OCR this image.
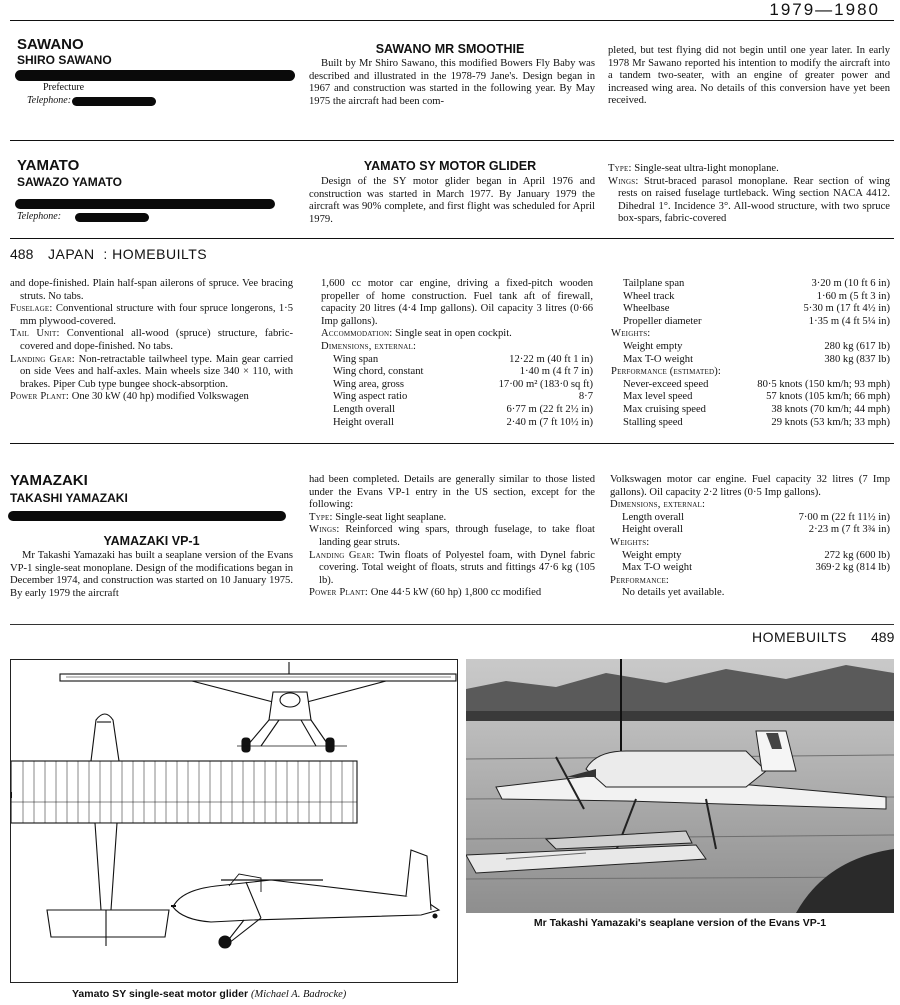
1979—1980
SAWANO
SHIRO SAWANO
Prefecture
Telephone:
SAWANO MR SMOOTHIE
Built by Mr Shiro Sawano, this modified Bowers Fly Baby was described and illustrated in the 1978-79 Jane's. Design began in 1967 and construction was started in the following year. By May 1975 the aircraft had been com-
pleted, but test flying did not begin until one year later. In early 1978 Mr Sawano reported his intention to modify the aircraft into a tandem two-seater, with an engine of greater power and increased wing area. No details of this conversion have yet been received.
YAMATO
SAWAZO YAMATO
Telephone:
YAMATO SY MOTOR GLIDER
Design of the SY motor glider began in April 1976 and construction was started in March 1977. By January 1979 the aircraft was 90% complete, and first flight was scheduled for April 1979.

Type: Single-seat ultra-light monoplane.

Wings: Strut-braced parasol monoplane. Rear section of wing rests on raised fuselage turtleback. Wing section NACA 4412. Dihedral 1°. Incidence 3°. All-wood structure, with two spruce box-spars, fabric-covered

488 JAPAN  : HOMEBUILTS

and dope-finished. Plain half-span ailerons of spruce. Vee bracing struts. No tabs.

Fuselage: Conventional structure with four spruce longerons, 1·5 mm plywood-covered.

Tail Unit: Conventional all-wood (spruce) structure, fabric-covered and dope-finished. No tabs.

Landing Gear: Non-retractable tailwheel type. Main gear carried on side Vees and half-axles. Main wheels size 340 × 110, with brakes. Piper Cub type bungee shock-absorption.

Power Plant: One 30 kW (40 hp) modified Volkswagen

1,600 cc motor car engine, driving a fixed-pitch wooden propeller of home construction. Fuel tank aft of firewall, capacity 20 litres (4·4 Imp gallons). Oil capacity 3 litres (0·66 Imp gallons).

Accommodation: Single seat in open cockpit.

Dimensions, external:

Wing span	12·22 m (40 ft 1 in)
Wing chord, constant	1·40 m (4 ft 7 in)
Wing area, gross	17·00 m² (183·0 sq ft)
Wing aspect ratio	8·7
Length overall	6·77 m (22 ft 2½ in)
Height overall	2·40 m (7 ft 10½ in)
Tailplane span	3·20 m (10 ft 6 in)
Wheel track	1·60 m (5 ft 3 in)
Wheelbase	5·30 m (17 ft 4½ in)
Propeller diameter	1·35 m (4 ft 5¼ in)

Weights:

Weight empty	280 kg (617 lb)
Max T-O weight	380 kg (837 lb)

Performance (estimated):

Never-exceed speed	80·5 knots (150 km/h; 93 mph)
Max level speed	57 knots (105 km/h; 66 mph)
Max cruising speed	38 knots (70 km/h; 44 mph)
Stalling speed	29 knots (53 km/h; 33 mph)
YAMAZAKI
TAKASHI YAMAZAKI
YAMAZAKI VP-1
Mr Takashi Yamazaki has built a seaplane version of the Evans VP-1 single-seat monoplane. Design of the modifications began in December 1974, and construction was started on 10 January 1975. By early 1979 the aircraft

had been completed. Details are generally similar to those listed under the Evans VP-1 entry in the US section, except for the following:

Type: Single-seat light seaplane.

Wings: Reinforced wing spars, through fuselage, to take float landing gear struts.

Landing Gear: Twin floats of Polyestel foam, with Dynel fabric covering. Total weight of floats, struts and fittings 47·6 kg (105 lb).

Power Plant: One 44·5 kW (60 hp) 1,800 cc modified

Volkswagen motor car engine. Fuel capacity 32 litres (7 Imp gallons). Oil capacity 2·2 litres (0·5 Imp gallons).

Dimensions, external:

Length overall	7·00 m (22 ft 11½ in)
Height overall	2·23 m (7 ft 3¾ in)

Weights:

Weight empty	272 kg (600 lb)
Max T-O weight	369·2 kg (814 lb)

Performance:

No details yet available.

HOMEBUILTS 489
Yamato SY single-seat motor glider (Michael A. Badrocke)
Mr Takashi Yamazaki's seaplane version of the Evans VP-1
